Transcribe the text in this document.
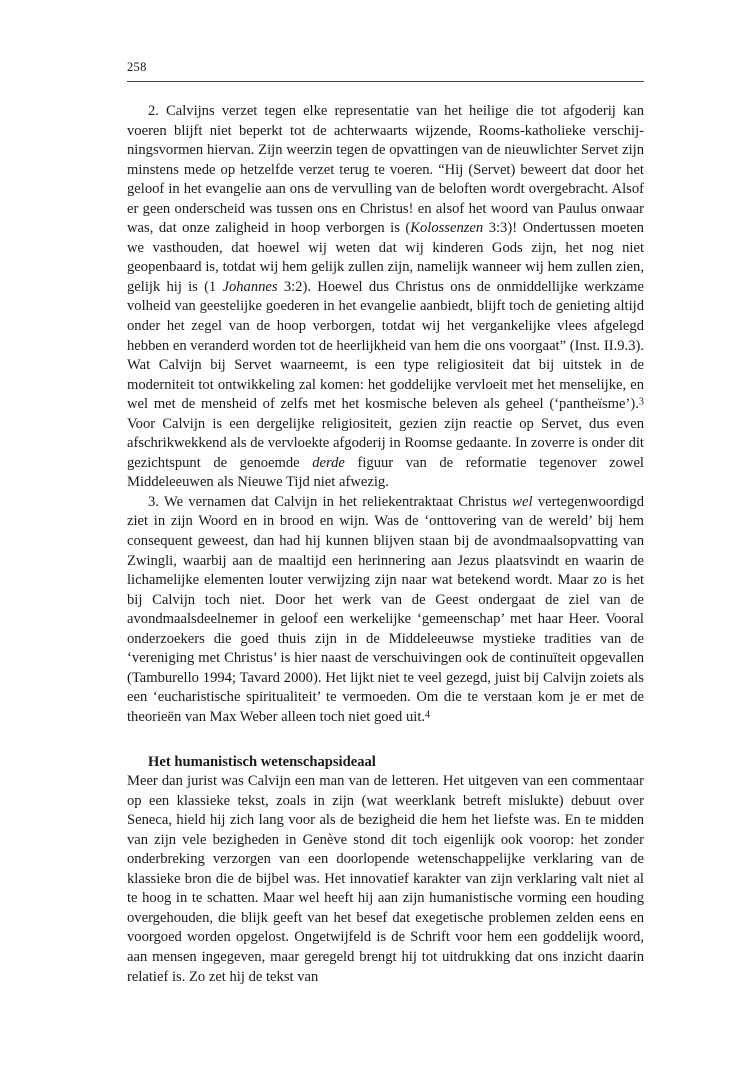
258

2. Calvijns verzet tegen elke representatie van het heilige die tot afgoderij kan voeren blijft niet beperkt tot de achterwaarts wijzende, Rooms-katholieke verschijningsvormen hiervan. Zijn weerzin tegen de opvattingen van de nieuwlichter Servet zijn minstens mede op hetzelfde verzet terug te voeren. “Hij (Servet) beweert dat door het geloof in het evangelie aan ons de vervulling van de beloften wordt overgebracht. Alsof er geen onderscheid was tussen ons en Christus! en alsof het woord van Paulus onwaar was, dat onze zaligheid in hoop verborgen is (Kolossenzen 3:3)! Ondertussen moeten we vasthouden, dat hoewel wij weten dat wij kinderen Gods zijn, het nog niet geopenbaard is, totdat wij hem gelijk zullen zijn, namelijk wanneer wij hem zullen zien, gelijk hij is (1 Johannes 3:2). Hoewel dus Christus ons de onmiddellijke werkzame volheid van geestelijke goederen in het evangelie aanbiedt, blijft toch de genieting altijd onder het zegel van de hoop verborgen, totdat wij het vergankelijke vlees afgelegd hebben en veranderd worden tot de heerlijkheid van hem die ons voorgaat” (Inst. II.9.3). Wat Calvijn bij Servet waarneemt, is een type religiositeit dat bij uitstek in de moderniteit tot ontwikkeling zal komen: het goddelijke vervloeit met het menselijke, en wel met de mensheid of zelfs met het kosmische beleven als geheel (‘pantheïsme’).$^3$ Voor Calvijn is een dergelijke religiositeit, gezien zijn reactie op Servet, dus even afschrikwekkend als de vervloekte afgoderij in Roomse gedaante. In zoverre is onder dit gezichtspunt de genoemde derde figuur van de reformatie tegenover zowel Middeleeuwen als Nieuwe Tijd niet afwezig.

3. We vernamen dat Calvijn in het reliekentraktaat Christus wel vertegenwoordigd ziet in zijn Woord en in brood en wijn. Was de ‘onttovering van de wereld’ bij hem consequent geweest, dan had hij kunnen blijven staan bij de avondmaalsopvatting van Zwingli, waarbij aan de maaltijd een herinnering aan Jezus plaatsvindt en waarin de lichamelijke elementen louter verwijzing zijn naar wat betekend wordt. Maar zo is het bij Calvijn toch niet. Door het werk van de Geest ondergaat de ziel van de avondmaalsdeelnemer in geloof een werkelijke ‘gemeenschap’ met haar Heer. Vooral onderzoekers die goed thuis zijn in de Middeleeuwse mystieke tradities van de ‘vereniging met Christus’ is hier naast de verschuivingen ook de continuïteit opgevallen (Tamburello 1994; Tavard 2000). Het lijkt niet te veel gezegd, juist bij Calvijn zoiets als een ‘eucharistische spiritualiteit’ te vermoeden. Om die te verstaan kom je er met de theorieën van Max Weber alleen toch niet goed uit.$^4$

Het humanistisch wetenschapsideaal

Meer dan jurist was Calvijn een man van de letteren. Het uitgeven van een commentaar op een klassieke tekst, zoals in zijn (wat weerklank betreft mislukte) debuut over Seneca, hield hij zich lang voor als de bezigheid die hem het liefste was. En te midden van zijn vele bezigheden in Genève stond dit toch eigenlijk ook voorop: het zonder onderbreking verzorgen van een doorlopende wetenschappelijke verklaring van de klassieke bron die de bijbel was. Het innovatief karakter van zijn verklaring valt niet al te hoog in te schatten. Maar wel heeft hij aan zijn humanistische vorming een houding overgehouden, die blijk geeft van het besef dat exegetische problemen zelden eens en voorgoed worden opgelost. Ongetwijfeld is de Schrift voor hem een goddelijk woord, aan mensen ingegeven, maar geregeld brengt hij tot uitdrukking dat ons inzicht daarin relatief is. Zo zet hij de tekst van
